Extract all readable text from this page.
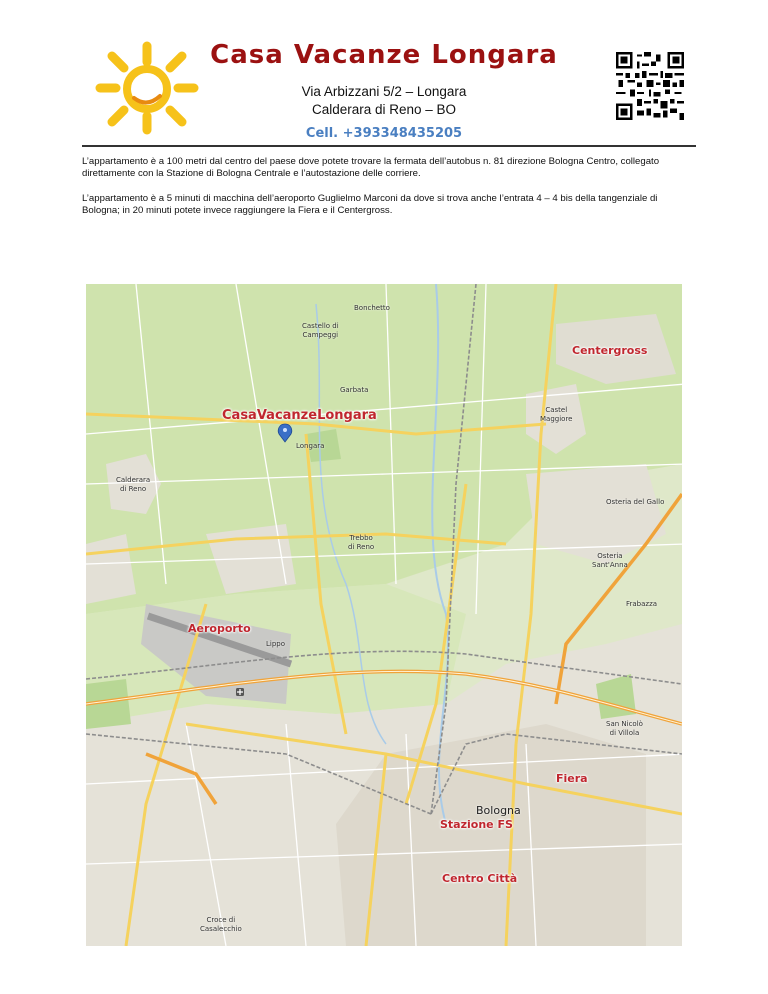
Casa Vacanze Longara
Via Arbizzani 5/2 – Longara
Calderara di Reno – BO
Cell. +393348435205
L’appartamento è a 100 metri dal centro del paese dove potete trovare la fermata dell’autobus n. 81 direzione Bologna Centro, collegato direttamente con la Stazione di Bologna Centrale e l’autostazione delle corriere.
L’appartamento è a 5 minuti di macchina dell’aeroporto Guglielmo Marconi da dove si trova anche l’entrata 4 – 4 bis della tangenziale di Bologna; in 20 minuti potete invece raggiungere la Fiera e il Centergross.
Bonchetto
Castello di
Campeggi
Garbata
Longara
Castel
Maggiore
Calderara
di Reno
Trebbo
di Reno
Osteria del Gallo
Osteria
Sant'Anna
Frabazza
San Nicolò
di Villola
Croce di
Casalecchio
Lippo
Bologna
Centergross
CasaVacanzeLongara
Aeroporto
Fiera
Stazione FS
Centro Città
